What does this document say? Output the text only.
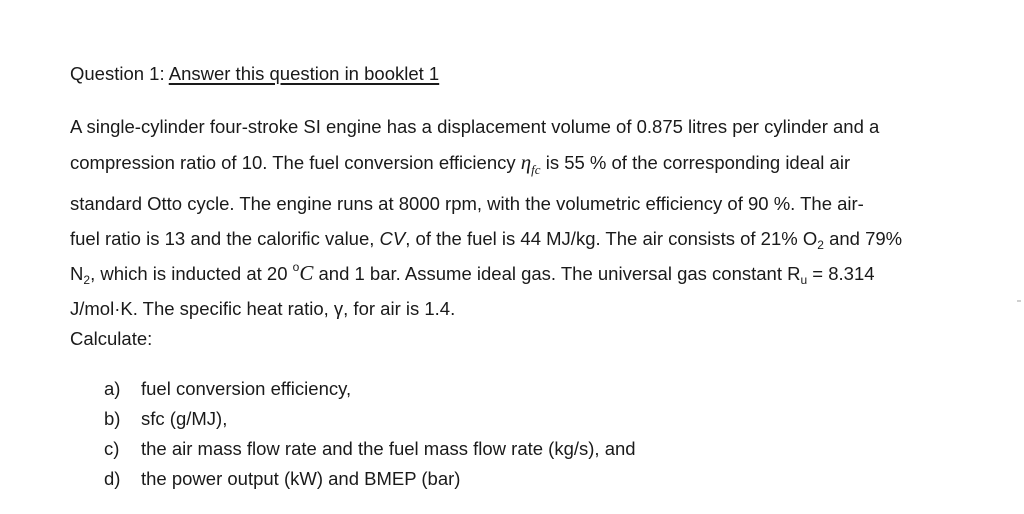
Question 1: Answer this question in booklet 1
A single-cylinder four-stroke SI engine has a displacement volume of 0.875 litres per cylinder and a
compression ratio of 10. The fuel conversion efficiency $\eta_{fc}$ is 55 % of the corresponding ideal air
standard Otto cycle. The engine runs at 8000 rpm, with the volumetric efficiency of 90 %. The air-
fuel ratio is 13 and the calorific value, CV, of the fuel is 44 MJ/kg. The air consists of 21% $O_2$ and 79%
$N_2$, which is inducted at 20 $^o$C and 1 bar. Assume ideal gas. The universal gas constant $R_u = 8.314$
J/mol·K. The specific heat ratio, γ, for air is 1.4.
Calculate:
a)	fuel conversion efficiency,
b)	sfc (g/MJ),
c)	the air mass flow rate and the fuel mass flow rate (kg/s), and
d)	the power output (kW) and BMEP (bar)
